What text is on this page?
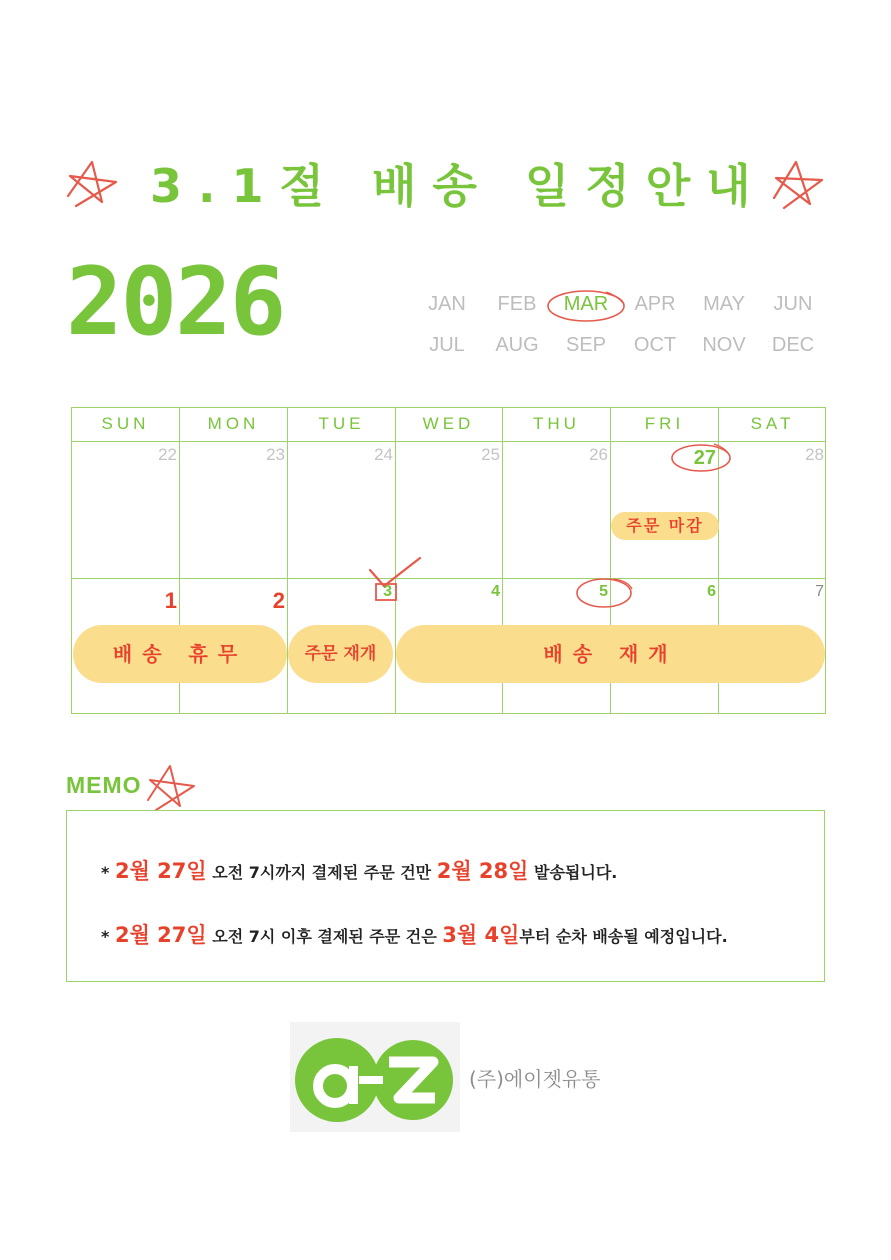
3.1절 배송 일정안내
2026	JAN	FEB	MAR	APR	MAY	JUN
JUL	AUG	SEP	OCT	NOV	DEC
SUN	MON	TUE	WED	THU	FRI	SAT
22	23	24	25	26	27	28
1	2	3	4	5	6	7
주문 마감
배송 휴무	주문 재개	배송 재개
MEMO
* 2월 27일 오전 7시까지 결제된 주문 건만 2월 28일 발송됩니다.
* 2월 27일 오전 7시 이후 결제된 주문 건은 3월 4일부터 순차 배송될 예정입니다.
(주)에이젯유통
